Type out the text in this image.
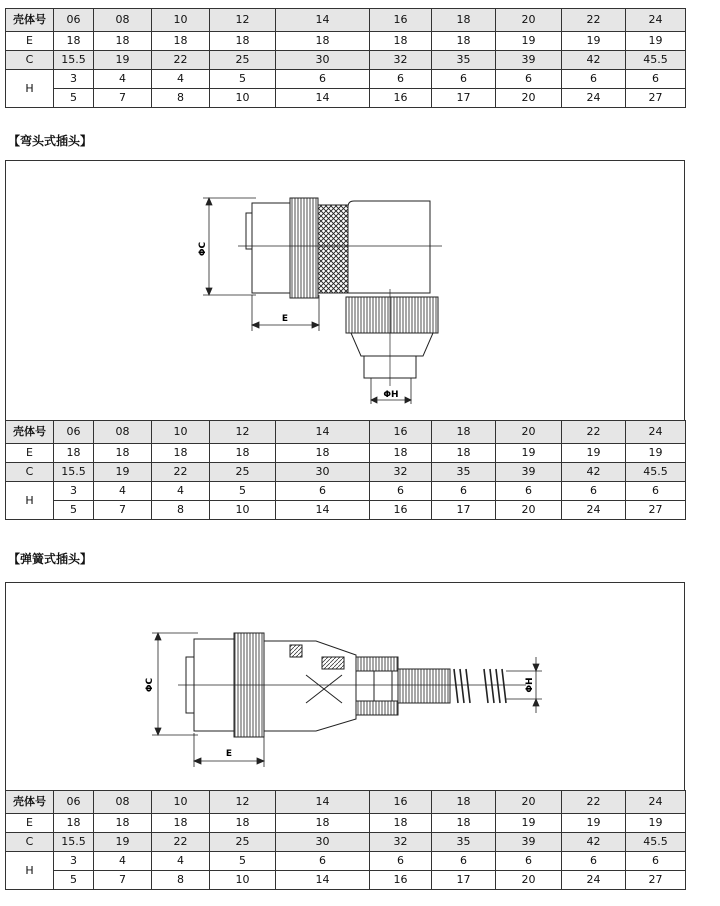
壳体号	06	08	10	12	14	16	18	20	22	24
E	18	18	18	18	18	18	18	19	19	19
C	15.5	19	22	25	30	32	35	39	42	45.5
H	3	4	4	5	6	6	6	6	6	6
	5	7	8	10	14	16	17	20	24	27
【弯头式插头】
ΦC
E
ΦH
壳体号	06	08	10	12	14	16	18	20	22	24
E	18	18	18	18	18	18	18	19	19	19
C	15.5	19	22	25	30	32	35	39	42	45.5
H	3	4	4	5	6	6	6	6	6	6
	5	7	8	10	14	16	17	20	24	27
【弹簧式插头】
ΦC
E
ΦH
壳体号	06	08	10	12	14	16	18	20	22	24
E	18	18	18	18	18	18	18	19	19	19
C	15.5	19	22	25	30	32	35	39	42	45.5
H	3	4	4	5	6	6	6	6	6	6
	5	7	8	10	14	16	17	20	24	27
